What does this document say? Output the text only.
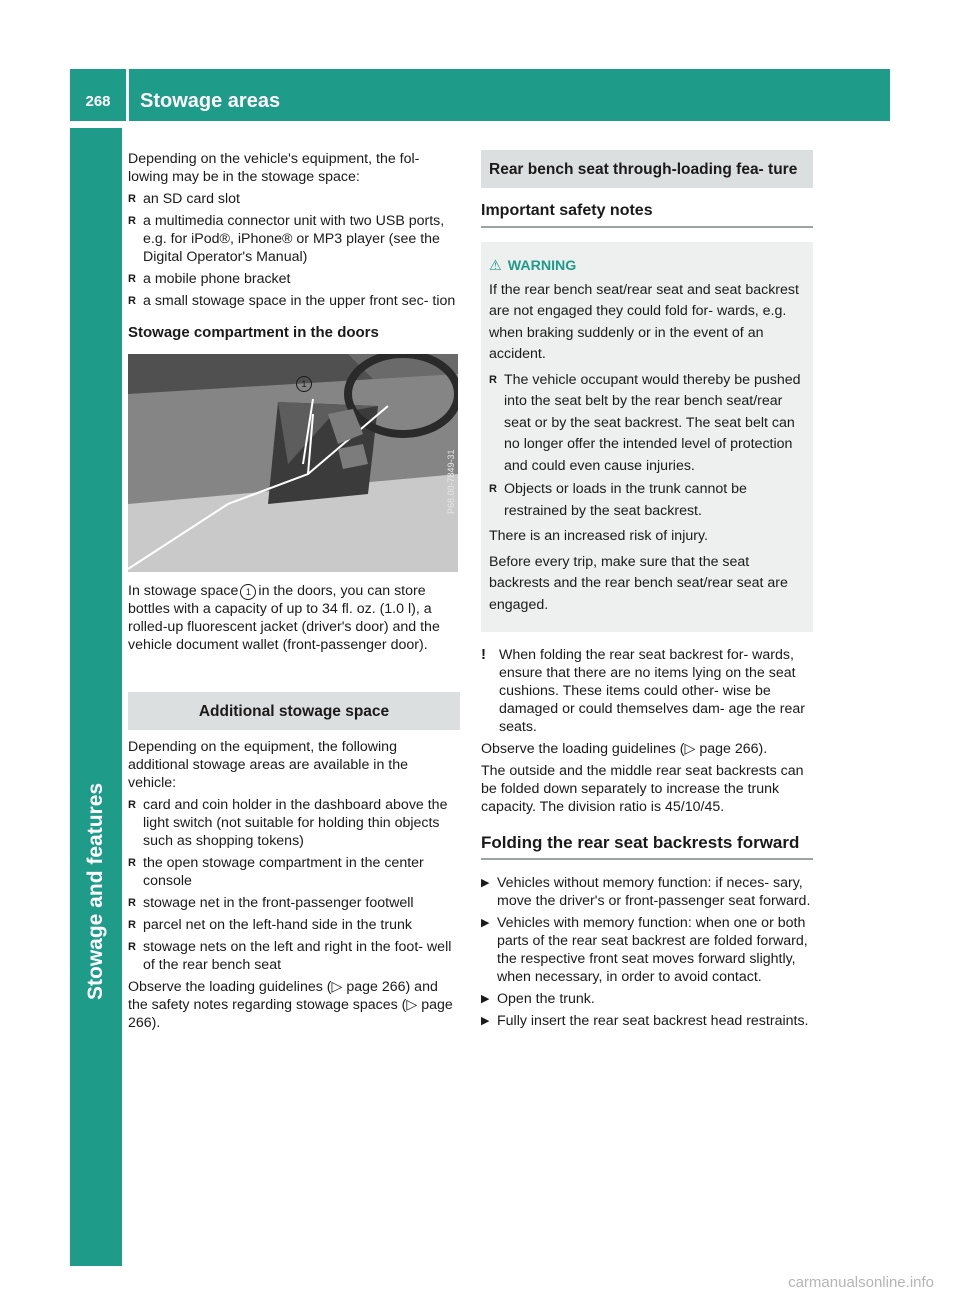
268	Stowage areas
Stowage and features
carmanualsonline.info

Depending on the vehicle's equipment, the fol- lowing may be in the stowage space:

R an SD card slot
R a multimedia connector unit with two USB ports, e.g. for iPod®, iPhone® or MP3 player (see the Digital Operator's Manual)
R a mobile phone bracket
R a small stowage space in the upper front sec- tion
Stowage compartment in the doors
1
P68.00-7849-31

In stowage space 1 in the doors, you can store bottles with a capacity of up to 34 fl. oz. (1.0 l), a rolled-up fluorescent jacket (driver's door) and the vehicle document wallet (front-passenger door).

Additional stowage space

Depending on the equipment, the following additional stowage areas are available in the vehicle:

R card and coin holder in the dashboard above the light switch (not suitable for holding thin objects such as shopping tokens)
R the open stowage compartment in the center console
R stowage net in the front-passenger footwell
R parcel net on the left-hand side in the trunk
R stowage nets on the left and right in the foot- well of the rear bench seat

Observe the loading guidelines (▷ page 266) and the safety notes regarding stowage spaces (▷ page 266).

Rear bench seat through-loading fea- ture
Important safety notes
⚠ WARNING

If the rear bench seat/rear seat and seat backrest are not engaged they could fold for- wards, e.g. when braking suddenly or in the event of an accident.

R The vehicle occupant would thereby be pushed into the seat belt by the rear bench seat/rear seat or by the seat backrest. The seat belt can no longer offer the intended level of protection and could even cause injuries.
R Objects or loads in the trunk cannot be restrained by the seat backrest.

There is an increased risk of injury.

Before every trip, make sure that the seat backrests and the rear bench seat/rear seat are engaged.

! When folding the rear seat backrest for- wards, ensure that there are no items lying on the seat cushions. These items could other- wise be damaged or could themselves dam- age the rear seats.

Observe the loading guidelines (▷ page 266).

The outside and the middle rear seat backrests can be folded down separately to increase the trunk capacity. The division ratio is 45/10/45.

Folding the rear seat backrests forward
▶ Vehicles without memory function: if neces- sary, move the driver's or front-passenger seat forward.
▶ Vehicles with memory function: when one or both parts of the rear seat backrest are folded forward, the respective front seat moves forward slightly, when necessary, in order to avoid contact.
▶ Open the trunk.
▶ Fully insert the rear seat backrest head restraints.
